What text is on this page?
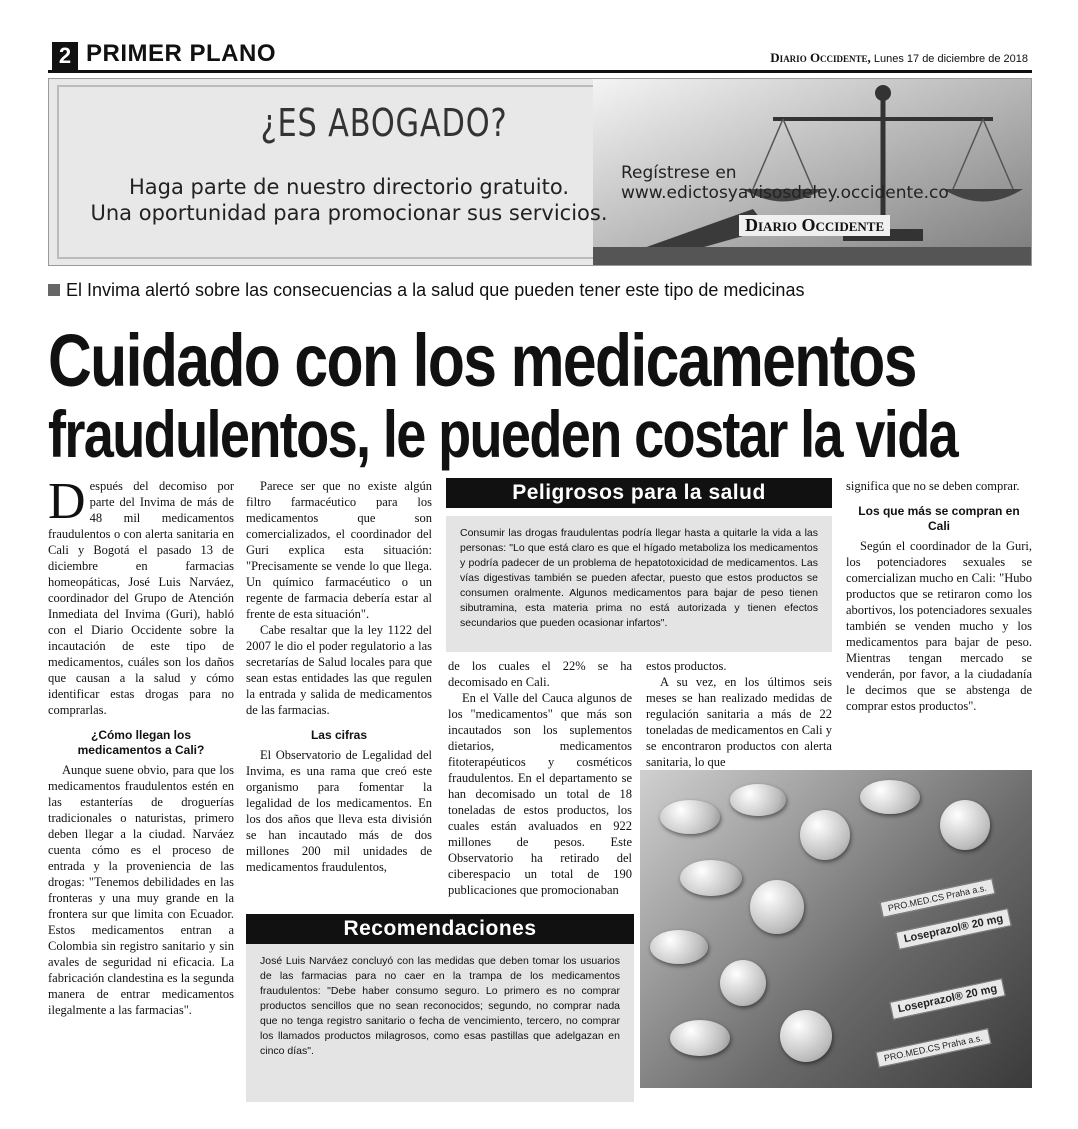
2 PRIMER PLANO	Diario Occidente, Lunes 17 de diciembre de 2018
¿ES ABOGADO?
Haga parte de nuestro directorio gratuito.
Una oportunidad para promocionar sus servicios.
Regístrese en www.edictosyavisosdeley.occidente.co
Diario Occidente
El Invima alertó sobre las consecuencias a la salud que pueden tener este tipo de medicinas
Cuidado con los medicamentos
fraudulentos, le pueden costar la vida

Después del decomiso por parte del Invima de más de 48 mil medicamentos fraudulentos o con alerta sanitaria en Cali y Bogotá el pasado 13 de diciembre en farmacias homeopáticas, José Luis Narváez, coordinador del Grupo de Atención Inmediata del Invima (Guri), habló con el Diario Occidente sobre la incautación de este tipo de medicamentos, cuáles son los daños que causan a la salud y cómo identificar estas drogas para no comprarlas.

¿Cómo llegan los medicamentos a Cali?

Aunque suene obvio, para que los medicamentos fraudulentos estén en las estanterías de droguerías tradicionales o naturistas, primero deben llegar a la ciudad. Narváez cuenta cómo es el proceso de entrada y la proveniencia de las drogas: "Tenemos debilidades en las fronteras y una muy grande en la frontera sur que limita con Ecuador. Estos medicamentos entran a Colombia sin registro sanitario y sin avales de seguridad ni eficacia. La fabricación clandestina es la segunda manera de entrar medicamentos ilegalmente a las farmacias".

Parece ser que no existe algún filtro farmacéutico para los medicamentos que son comercializados, el coordinador del Guri explica esta situación: "Precisamente se vende lo que llega. Un químico farmacéutico o un regente de farmacia debería estar al frente de esta situación".

Cabe resaltar que la ley 1122 del 2007 le dio el poder regulatorio a las secretarías de Salud locales para que sean estas entidades las que regulen la entrada y salida de medicamentos de las farmacias.

Las cifras

El Observatorio de Legalidad del Invima, es una rama que creó este organismo para fomentar la legalidad de los medicamentos. En los dos años que lleva esta división se han incautado más de dos millones 200 mil unidades de medicamentos fraudulentos,

Peligrosos para la salud
Consumir las drogas fraudulentas podría llegar hasta a quitarle la vida a las personas: "Lo que está claro es que el hígado metaboliza los medicamentos y podría padecer de un problema de hepatotoxicidad de medicamentos. Las vías digestivas también se pueden afectar, puesto que estos productos se consumen oralmente. Algunos medicamentos para bajar de peso tienen sibutramina, esta materia prima no está autorizada y tienen efectos secundarios que pueden ocasionar infartos".

de los cuales el 22% se ha decomisado en Cali.

En el Valle del Cauca algunos de los "medicamentos" que más son incautados son los suplementos dietarios, medicamentos fitoterapéuticos y cosméticos fraudulentos. En el departamento se han decomisado un total de 18 toneladas de estos productos, los cuales están avaluados en 922 millones de pesos. Este Observatorio ha retirado del ciberespacio un total de 190 publicaciones que promocionaban

estos productos.

A su vez, en los últimos seis meses se han realizado medidas de regulación sanitaria a más de 22 toneladas de medicamentos en Cali y se encontraron productos con alerta sanitaria, lo que

significa que no se deben comprar.

Los que más se compran en Cali

Según el coordinador de la Guri, los potenciadores sexuales se comercializan mucho en Cali: "Hubo productos que se retiraron como los abortivos, los potenciadores sexuales también se venden mucho y los medicamentos para bajar de peso. Mientras tengan mercado se venderán, por favor, a la ciudadanía le decimos que se abstenga de comprar estos productos".

Loseprazol® 20 mg
Loseprazol® 20 mg
PRO.MED.CS Praha a.s.
PRO.MED.CS Praha a.s.
Recomendaciones
José Luis Narváez concluyó con las medidas que deben tomar los usuarios de las farmacias para no caer en la trampa de los medicamentos fraudulentos: "Debe haber consumo seguro. Lo primero es no comprar productos sencillos que no sean reconocidos; segundo, no comprar nada que no tenga registro sanitario o fecha de vencimiento, tercero, no comprar los llamados productos milagrosos, como esas pastillas que adelgazan en cinco días".
